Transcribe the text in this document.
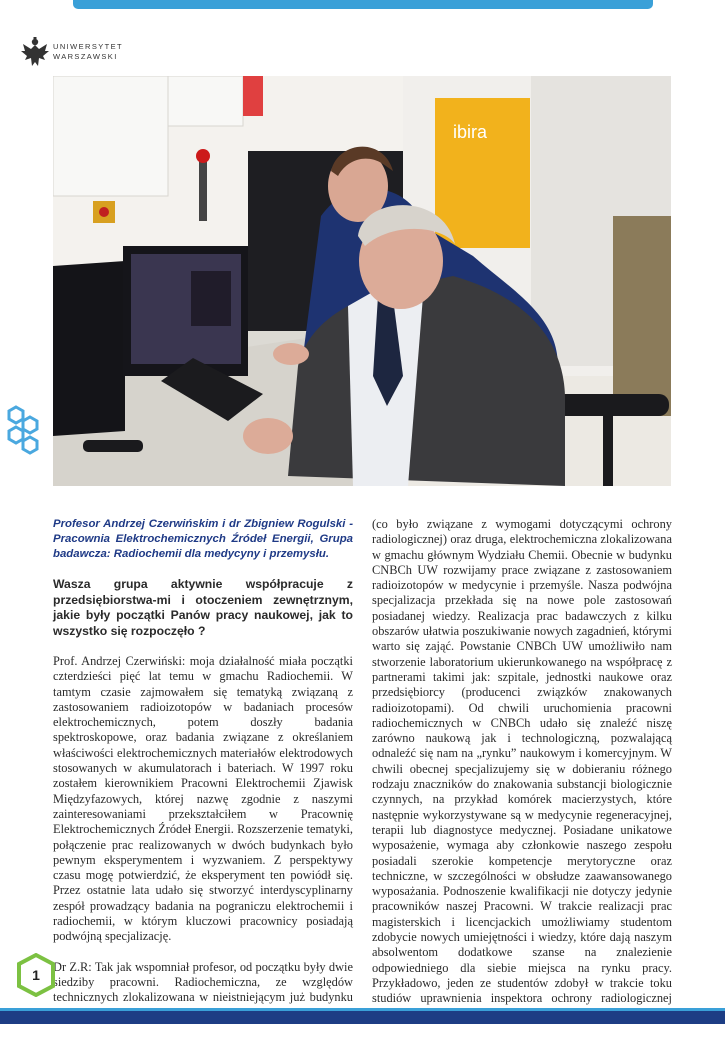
UNIWERSYTET
WARSZAWSKI
ibira

Profesor Andrzej Czerwińskim i dr Zbigniew Rogulski - Pracownia Elektrochemicznych Źródeł Energii, Grupa badawcza: Radiochemii dla medycyny i przemysłu.

Wasza grupa aktywnie współpracuje z przedsiębiorstwa-mi i otoczeniem zewnętrznym, jakie były początki Panów pracy naukowej, jak to wszystko się rozpoczęło ?

Prof. Andrzej Czerwiński: moja działalność miała początki czterdzieści pięć lat temu w gmachu Radiochemii. W tamtym czasie zajmowałem się tematyką związaną z zastosowaniem radioizotopów w badaniach procesów elektrochemicznych, potem doszły badania spektroskopowe, oraz badania związane z określaniem właściwości elektrochemicznych materiałów elektrodowych stosowanych w akumulatorach i bateriach. W 1997 roku zostałem kierownikiem Pracowni Elektrochemii Zjawisk Międzyfazowych, której nazwę zgodnie z naszymi zainteresowaniami przekształciłem w Pracownię Elektrochemicznych Źródeł Energii. Rozszerzenie tematyki, połączenie prac realizowanych w dwóch budynkach było pewnym eksperymentem i wyzwaniem. Z perspektywy czasu mogę potwierdzić, że eksperyment ten powiódł się. Przez ostatnie lata udało się stworzyć interdyscyplinarny zespół prowadzący badania na pograniczu elektrochemii i radiochemii, w którym kluczowi pracownicy posiadają podwójną specjalizację.

Dr Z.R: Tak jak wspomniał profesor, od początku były dwie siedziby pracowni. Radiochemiczna, ze względów technicznych zlokalizowana w nieistniejącym już budynku

(co było związane z wymogami dotyczącymi ochrony radiologicznej) oraz druga, elektrochemiczna zlokalizowana w gmachu głównym Wydziału Chemii. Obecnie w budynku CNBCh UW rozwijamy prace związane z zastosowaniem radioizotopów w medycynie i przemyśle. Nasza podwójna specjalizacja przekłada się na nowe pole zastosowań posiadanej wiedzy. Realizacja prac badawczych z kilku obszarów ułatwia poszukiwanie nowych zagadnień, którymi warto się zająć. Powstanie CNBCh UW umożliwiło nam stworzenie laboratorium ukierunkowanego na współpracę z partnerami takimi jak: szpitale, jednostki naukowe oraz przedsiębiorcy (producenci związków znakowanych radioizotopami). Od chwili uruchomienia pracowni radiochemicznych w CNBCh udało się znaleźć niszę zarówno naukową jak i technologiczną, pozwalającą odnaleźć się nam na „rynku” naukowym i komercyjnym. W chwili obecnej specjalizujemy się w dobieraniu różnego rodzaju znaczników do znakowania substancji biologicznie czynnych, na przykład komórek macierzystych, które następnie wykorzystywane są w medycynie regeneracyjnej, terapii lub diagnostyce medycznej. Posiadane unikatowe wyposażenie, wymaga aby członkowie naszego zespołu posiadali szerokie kompetencje merytoryczne oraz techniczne, w szczególności w obsłudze zaawansowanego wyposażania. Podnoszenie kwalifikacji nie dotyczy jedynie pracowników naszej Pracowni. W trakcie realizacji prac magisterskich i licencjackich umożliwiamy studentom zdobycie nowych umiejętności i wiedzy, które dają naszym absolwentom dodatkowe szanse na znalezienie odpowiedniego dla siebie miejsca na rynku pracy. Przykładowo, jeden ze studentów zdobył w trakcie toku studiów uprawnienia inspektora ochrony radiologicznej

1
